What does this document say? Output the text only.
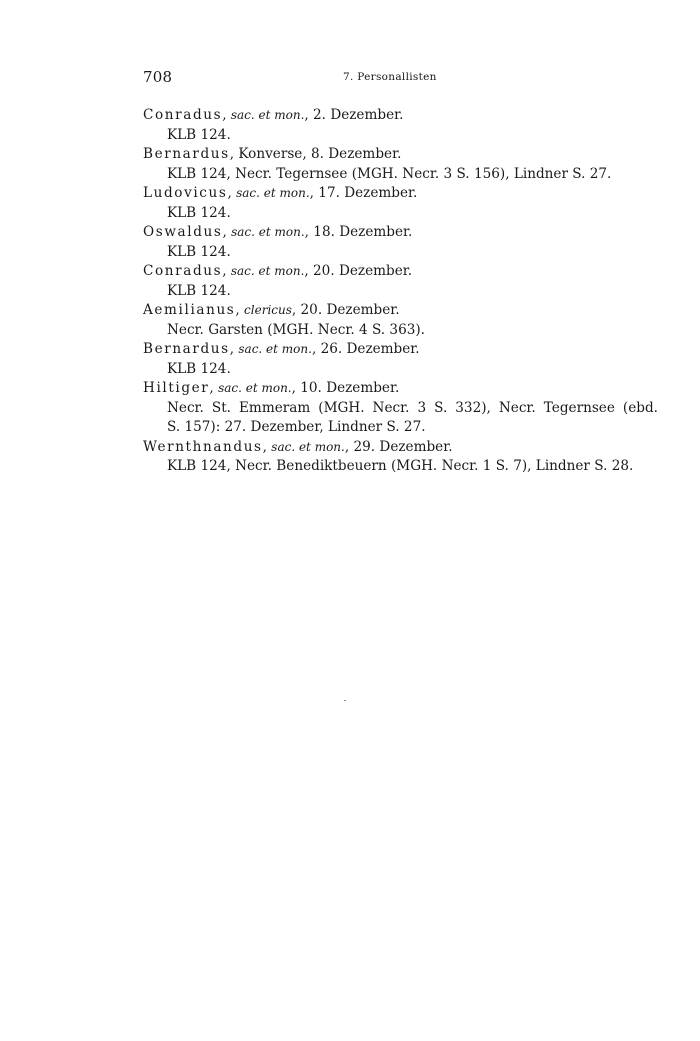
708	7. Personallisten
Conradus, sac. et mon., 2. Dezember.
KLB 124.
Bernardus, Konverse, 8. Dezember.
KLB 124, Necr. Tegernsee (MGH. Necr. 3 S. 156), Lindner S. 27.
Ludovicus, sac. et mon., 17. Dezember.
KLB 124.
Oswaldus, sac. et mon., 18. Dezember.
KLB 124.
Conradus, sac. et mon., 20. Dezember.
KLB 124.
Aemilianus, clericus, 20. Dezember.
Necr. Garsten (MGH. Necr. 4 S. 363).
Bernardus, sac. et mon., 26. Dezember.
KLB 124.
Hiltiger, sac. et mon., 10. Dezember.
Necr. St. Emmeram (MGH. Necr. 3 S. 332), Necr. Tegernsee (ebd.
S. 157): 27. Dezember, Lindner S. 27.
Wernthnandus, sac. et mon., 29. Dezember.
KLB 124, Necr. Benediktbeuern (MGH. Necr. 1 S. 7), Lindner S. 28.
